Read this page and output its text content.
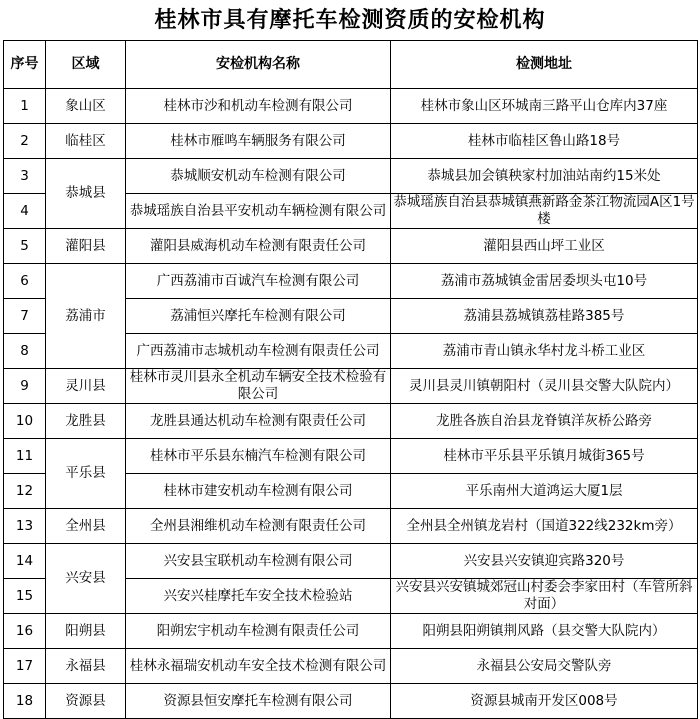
桂林市具有摩托车检测资质的安检机构
序号	区域	安检机构名称	检测地址
1	象山区	桂林市沙和机动车检测有限公司	桂林市象山区环城南三路平山仓库内37座
2	临桂区	桂林市雁鸣车辆服务有限公司	桂林市临桂区鲁山路18号
3	恭城县	恭城顺安机动车检测有限公司	恭城县加会镇秧家村加油站南约15米处
4		恭城瑶族自治县平安机动车辆检测有限公司	恭城瑶族自治县恭城镇燕新路金茶江物流园A区1号楼
5	灌阳县	灌阳县威海机动车检测有限责任公司	灌阳县西山坪工业区
6	荔浦市	广西荔浦市百诚汽车检测有限公司	荔浦市荔城镇金雷居委坝头屯10号
7		荔浦恒兴摩托车检测有限公司	荔浦县荔城镇荔桂路385号
8		广西荔浦市志城机动车检测有限责任公司	荔浦市青山镇永华村龙斗桥工业区
9	灵川县	桂林市灵川县永全机动车辆安全技术检验有限公司	灵川县灵川镇朝阳村（灵川县交警大队院内）
10	龙胜县	龙胜县通达机动车检测有限责任公司	龙胜各族自治县龙脊镇洋灰桥公路旁
11	平乐县	桂林市平乐县东楠汽车检测有限公司	桂林市平乐县平乐镇月城街365号
12		桂林市建安机动车检测有限公司	平乐南州大道鸿运大厦1层
13	全州县	全州县湘维机动车检测有限责任公司	全州县全州镇龙岩村（国道322线232km旁）
14	兴安县	兴安县宝联机动车检测有限公司	兴安县兴安镇迎宾路320号
15		兴安兴桂摩托车安全技术检验站	兴安县兴安镇城郊冠山村委会李家田村（车管所斜对面）
16	阳朔县	阳朔宏宇机动车检测有限责任公司	阳朔县阳朔镇荆风路（县交警大队院内）
17	永福县	桂林永福瑞安机动车安全技术检测有限公司	永福县公安局交警队旁
18	资源县	资源县恒安摩托车检测有限公司	资源县城南开发区008号
